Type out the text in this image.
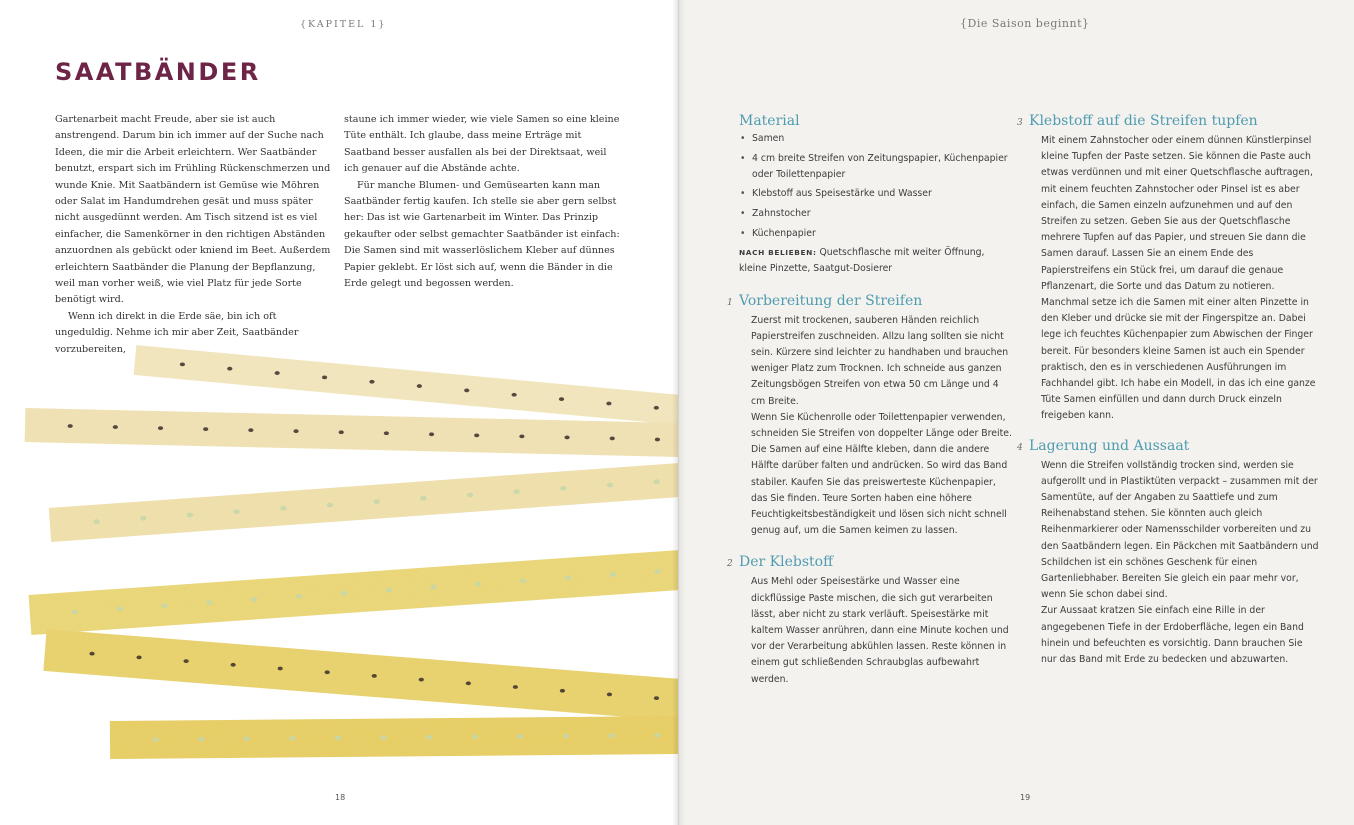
{KAPITEL 1}
SAATBÄNDER

Gartenarbeit macht Freude, aber sie ist auch anstrengend. Darum bin ich immer auf der Suche nach Ideen, die mir die Arbeit erleichtern. Wer Saatbänder benutzt, erspart sich im Frühling Rückenschmerzen und wunde Knie. Mit Saatbändern ist Gemüse wie Möhren oder Salat im Handumdrehen gesät und muss später nicht ausgedünnt werden. Am Tisch sitzend ist es viel einfacher, die Samenkörner in den richtigen Abständen anzuordnen als gebückt oder kniend im Beet. Außerdem erleichtern Saatbänder die Planung der Bepflanzung, weil man vorher weiß, wie viel Platz für jede Sorte benötigt wird.

Wenn ich direkt in die Erde säe, bin ich oft ungeduldig. Nehme ich mir aber Zeit, Saatbänder vorzubereiten,

staune ich immer wieder, wie viele Samen so eine kleine Tüte enthält. Ich glaube, dass meine Erträge mit Saatband besser ausfallen als bei der Direktsaat, weil ich genauer auf die Abstände achte.

Für manche Blumen- und Gemüsearten kann man Saatbänder fertig kaufen. Ich stelle sie aber gern selbst her: Das ist wie Gartenarbeit im Winter. Das Prinzip gekaufter oder selbst gemachter Saatbänder ist einfach: Die Samen sind mit wasserlöslichem Kleber auf dünnes Papier geklebt. Er löst sich auf, wenn die Bänder in die Erde gelegt und begossen werden.

18
{Die Saison beginnt}
Material
• Samen
• 4 cm breite Streifen von Zeitungspapier, Küchenpapier oder Toilettenpapier
• Klebstoff aus Speisestärke und Wasser
• Zahnstocher
• Küchenpapier
NACH BELIEBEN: Quetschflasche mit weiter Öffnung, kleine Pinzette, Saatgut-Dosierer
1 Vorbereitung der Streifen

Zuerst mit trockenen, sauberen Händen reichlich Papierstreifen zuschneiden. Allzu lang sollten sie nicht sein. Kürzere sind leichter zu handhaben und brauchen weniger Platz zum Trocknen. Ich schneide aus ganzen Zeitungsbögen Streifen von etwa 50 cm Länge und 4 cm Breite.

Wenn Sie Küchenrolle oder Toilettenpapier verwenden, schneiden Sie Streifen von doppelter Länge oder Breite. Die Samen auf eine Hälfte kleben, dann die andere Hälfte darüber falten und andrücken. So wird das Band stabiler. Kaufen Sie das preiswerteste Küchenpapier, das Sie finden. Teure Sorten haben eine höhere Feuchtigkeitsbeständigkeit und lösen sich nicht schnell genug auf, um die Samen keimen zu lassen.

2 Der Klebstoff

Aus Mehl oder Speisestärke und Wasser eine dickflüssige Paste mischen, die sich gut verarbeiten lässt, aber nicht zu stark verläuft. Speisestärke mit kaltem Wasser anrühren, dann eine Minute kochen und vor der Verarbeitung abkühlen lassen. Reste können in einem gut schließenden Schraubglas aufbewahrt werden.

3 Klebstoff auf die Streifen tupfen

Mit einem Zahnstocher oder einem dünnen Künstlerpinsel kleine Tupfen der Paste setzen. Sie können die Paste auch etwas verdünnen und mit einer Quetschflasche auftragen, mit einem feuchten Zahnstocher oder Pinsel ist es aber einfach, die Samen einzeln aufzunehmen und auf den Streifen zu setzen. Geben Sie aus der Quetschflasche mehrere Tupfen auf das Papier, und streuen Sie dann die Samen darauf. Lassen Sie an einem Ende des Papierstreifens ein Stück frei, um darauf die genaue Pflanzenart, die Sorte und das Datum zu notieren.

Manchmal setze ich die Samen mit einer alten Pinzette in den Kleber und drücke sie mit der Fingerspitze an. Dabei lege ich feuchtes Küchenpapier zum Abwischen der Finger bereit. Für besonders kleine Samen ist auch ein Spender praktisch, den es in verschiedenen Ausführungen im Fachhandel gibt. Ich habe ein Modell, in das ich eine ganze Tüte Samen einfüllen und dann durch Druck einzeln freigeben kann.

4 Lagerung und Aussaat

Wenn die Streifen vollständig trocken sind, werden sie aufgerollt und in Plastiktüten verpackt – zusammen mit der Samentüte, auf der Angaben zu Saattiefe und zum Reihenabstand stehen. Sie könnten auch gleich Reihenmarkierer oder Namensschilder vorbereiten und zu den Saatbändern legen. Ein Päckchen mit Saatbändern und Schildchen ist ein schönes Geschenk für einen Gartenliebhaber. Bereiten Sie gleich ein paar mehr vor, wenn Sie schon dabei sind.

Zur Aussaat kratzen Sie einfach eine Rille in der angegebenen Tiefe in der Erdoberfläche, legen ein Band hinein und befeuchten es vorsichtig. Dann brauchen Sie nur das Band mit Erde zu bedecken und abzuwarten.

19
